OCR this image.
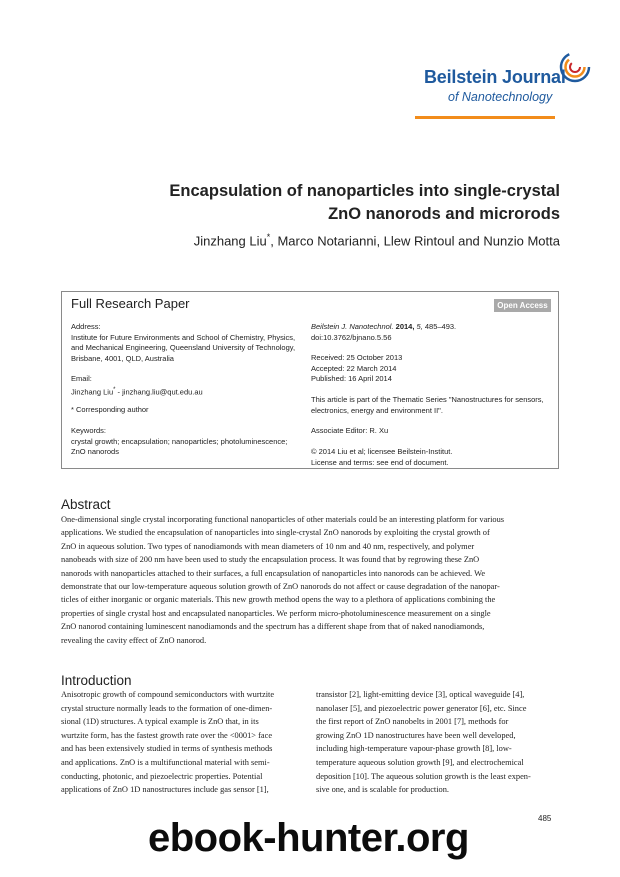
Beilstein Journal
of Nanotechnology
Encapsulation of nanoparticles into single-crystal
ZnO nanorods and microrods
Jinzhang Liu*, Marco Notarianni, Llew Rintoul and Nunzio Motta
Full Research Paper	Open Access
Address:
Institute for Future Environments and School of Chemistry, Physics,
and Mechanical Engineering, Queensland University of Technology,
Brisbane, 4001, QLD, Australia
Email:
Jinzhang Liu* - jinzhang.liu@qut.edu.au
* Corresponding author
Keywords:
crystal growth; encapsulation; nanoparticles; photoluminescence;
ZnO nanorods
Beilstein J. Nanotechnol. 2014, 5, 485–493.
doi:10.3762/bjnano.5.56
Received: 25 October 2013
Accepted: 22 March 2014
Published: 16 April 2014
This article is part of the Thematic Series "Nanostructures for sensors,
electronics, energy and environment II".
Associate Editor: R. Xu
© 2014 Liu et al; licensee Beilstein-Institut.
License and terms: see end of document.
Abstract
One-dimensional single crystal incorporating functional nanoparticles of other materials could be an interesting platform for various
applications. We studied the encapsulation of nanoparticles into single-crystal ZnO nanorods by exploiting the crystal growth of
ZnO in aqueous solution. Two types of nanodiamonds with mean diameters of 10 nm and 40 nm, respectively, and polymer
nanobeads with size of 200 nm have been used to study the encapsulation process. It was found that by regrowing these ZnO
nanorods with nanoparticles attached to their surfaces, a full encapsulation of nanoparticles into nanorods can be achieved. We
demonstrate that our low-temperature aqueous solution growth of ZnO nanorods do not affect or cause degradation of the nanopar-
ticles of either inorganic or organic materials. This new growth method opens the way to a plethora of applications combining the
properties of single crystal host and encapsulated nanoparticles. We perform micro-photoluminescence measurement on a single
ZnO nanorod containing luminescent nanodiamonds and the spectrum has a different shape from that of naked nanodiamonds,
revealing the cavity effect of ZnO nanorod.
Introduction
Anisotropic growth of compound semiconductors with wurtzite
crystal structure normally leads to the formation of one-dimen-
sional (1D) structures. A typical example is ZnO that, in its
wurtzite form, has the fastest growth rate over the <0001> face
and has been extensively studied in terms of synthesis methods
and applications. ZnO is a multifunctional material with semi-
conducting, photonic, and piezoelectric properties. Potential
applications of ZnO 1D nanostructures include gas sensor [1],
transistor [2], light-emitting device [3], optical waveguide [4],
nanolaser [5], and piezoelectric power generator [6], etc. Since
the first report of ZnO nanobelts in 2001 [7], methods for
growing ZnO 1D nanostructures have been well developed,
including high-temperature vapour-phase growth [8], low-
temperature aqueous solution growth [9], and electrochemical
deposition [10]. The aqueous solution growth is the least expen-
sive one, and is scalable for production.
485
ebook-hunter.org
